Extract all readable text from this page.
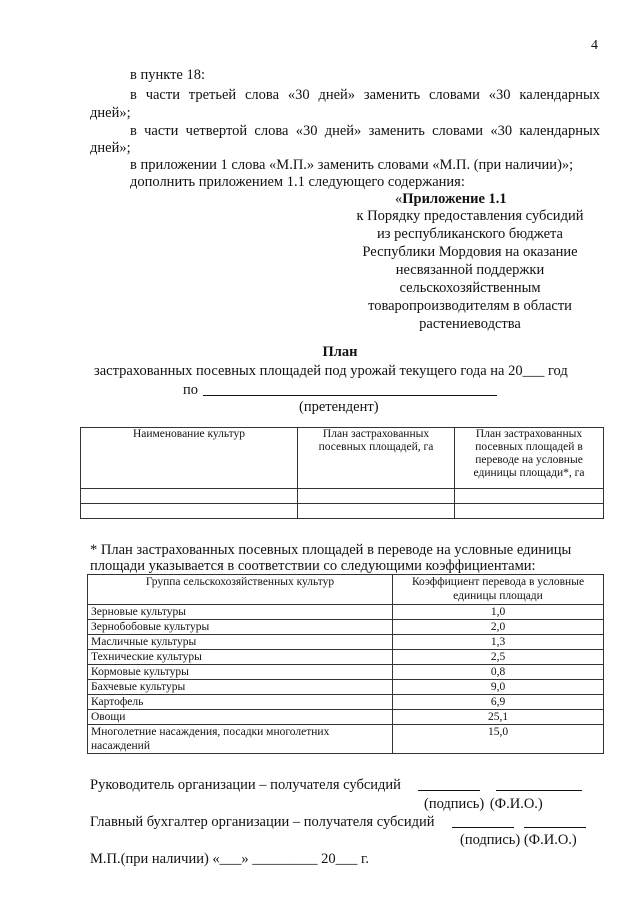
4
в пункте 18:
в части третьей слова «30 дней» заменить словами «30 календарных
дней»;
в части четвертой слова «30 дней» заменить словами «30 календарных
дней»;
в приложении 1 слова «М.П.» заменить словами «М.П. (при наличии)»;
дополнить приложением 1.1 следующего содержания:
«Приложение 1.1
к Порядку предоставления субсидий
из республиканского бюджета
Республики Мордовия на оказание
несвязанной поддержки
сельскохозяйственным
товаропроизводителям в области
растениеводства
План
застрахованных посевных площадей под урожай текущего года на 20___ год
по
(претендент)
Наименование культур	План застрахованных посевных площадей, га	План застрахованных посевных площадей в переводе на условные единицы площади*, га

* План застрахованных посевных площадей в переводе на условные единицы
площади указывается в соответствии со следующими коэффициентами:
Группа сельскохозяйственных культур	Коэффициент перевода в условные единицы площади
Зерновые культуры	1,0
Зернобобовые культуры	2,0
Масличные культуры	1,3
Технические культуры	2,5
Кормовые культуры	0,8
Бахчевые культуры	9,0
Картофель	6,9
Овощи	25,1
Многолетние насаждения, посадки многолетних насаждений	15,0
Руководитель организации – получателя субсидий
(подпись) (Ф.И.О.)
Главный бухгалтер организации – получателя субсидий
(подпись) (Ф.И.О.)
М.П.(при наличии) «___» _________ 20___ г.
